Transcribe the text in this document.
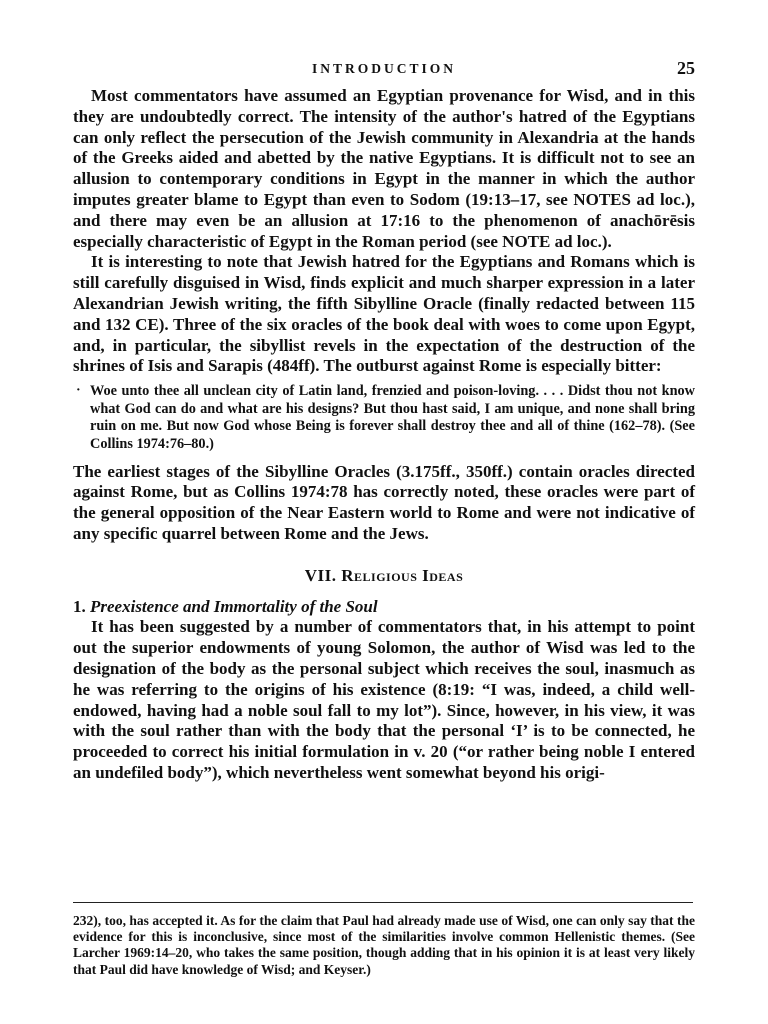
INTRODUCTION	25

Most commentators have assumed an Egyptian provenance for Wisd, and in this they are undoubtedly correct. The intensity of the author's hatred of the Egyptians can only reflect the persecution of the Jewish community in Alexandria at the hands of the Greeks aided and abetted by the native Egyptians. It is difficult not to see an allusion to contemporary conditions in Egypt in the manner in which the author imputes greater blame to Egypt than even to Sodom (19:13–17, see NOTES ad loc.), and there may even be an allusion at 17:16 to the phenomenon of anachōrēsis especially characteristic of Egypt in the Roman period (see NOTE ad loc.).

It is interesting to note that Jewish hatred for the Egyptians and Romans which is still carefully disguised in Wisd, finds explicit and much sharper expression in a later Alexandrian Jewish writing, the fifth Sibylline Oracle (finally redacted between 115 and 132 CE). Three of the six oracles of the book deal with woes to come upon Egypt, and, in particular, the sibyllist revels in the expectation of the destruction of the shrines of Isis and Sarapis (484ff). The outburst against Rome is especially bitter:

· Woe unto thee all unclean city of Latin land, frenzied and poison-loving. . . . Didst thou not know what God can do and what are his designs? But thou hast said, I am unique, and none shall bring ruin on me. But now God whose Being is forever shall destroy thee and all of thine (162–78). (See Collins 1974:76–80.)

The earliest stages of the Sibylline Oracles (3.175ff., 350ff.) contain oracles directed against Rome, but as Collins 1974:78 has correctly noted, these oracles were part of the general opposition of the Near Eastern world to Rome and were not indicative of any specific quarrel between Rome and the Jews.

VII. Religious Ideas
1. Preexistence and Immortality of the Soul

It has been suggested by a number of commentators that, in his attempt to point out the superior endowments of young Solomon, the author of Wisd was led to the designation of the body as the personal subject which receives the soul, inasmuch as he was referring to the origins of his existence (8:19: “I was, indeed, a child well-endowed, having had a noble soul fall to my lot”). Since, however, in his view, it was with the soul rather than with the body that the personal ‘I’ is to be connected, he proceeded to correct his initial formulation in v. 20 (“or rather being noble I entered an undefiled body”), which nevertheless went somewhat beyond his origi-

232), too, has accepted it. As for the claim that Paul had already made use of Wisd, one can only say that the evidence for this is inconclusive, since most of the similarities involve common Hellenistic themes. (See Larcher 1969:14–20, who takes the same position, though adding that in his opinion it is at least very likely that Paul did have knowledge of Wisd; and Keyser.)
